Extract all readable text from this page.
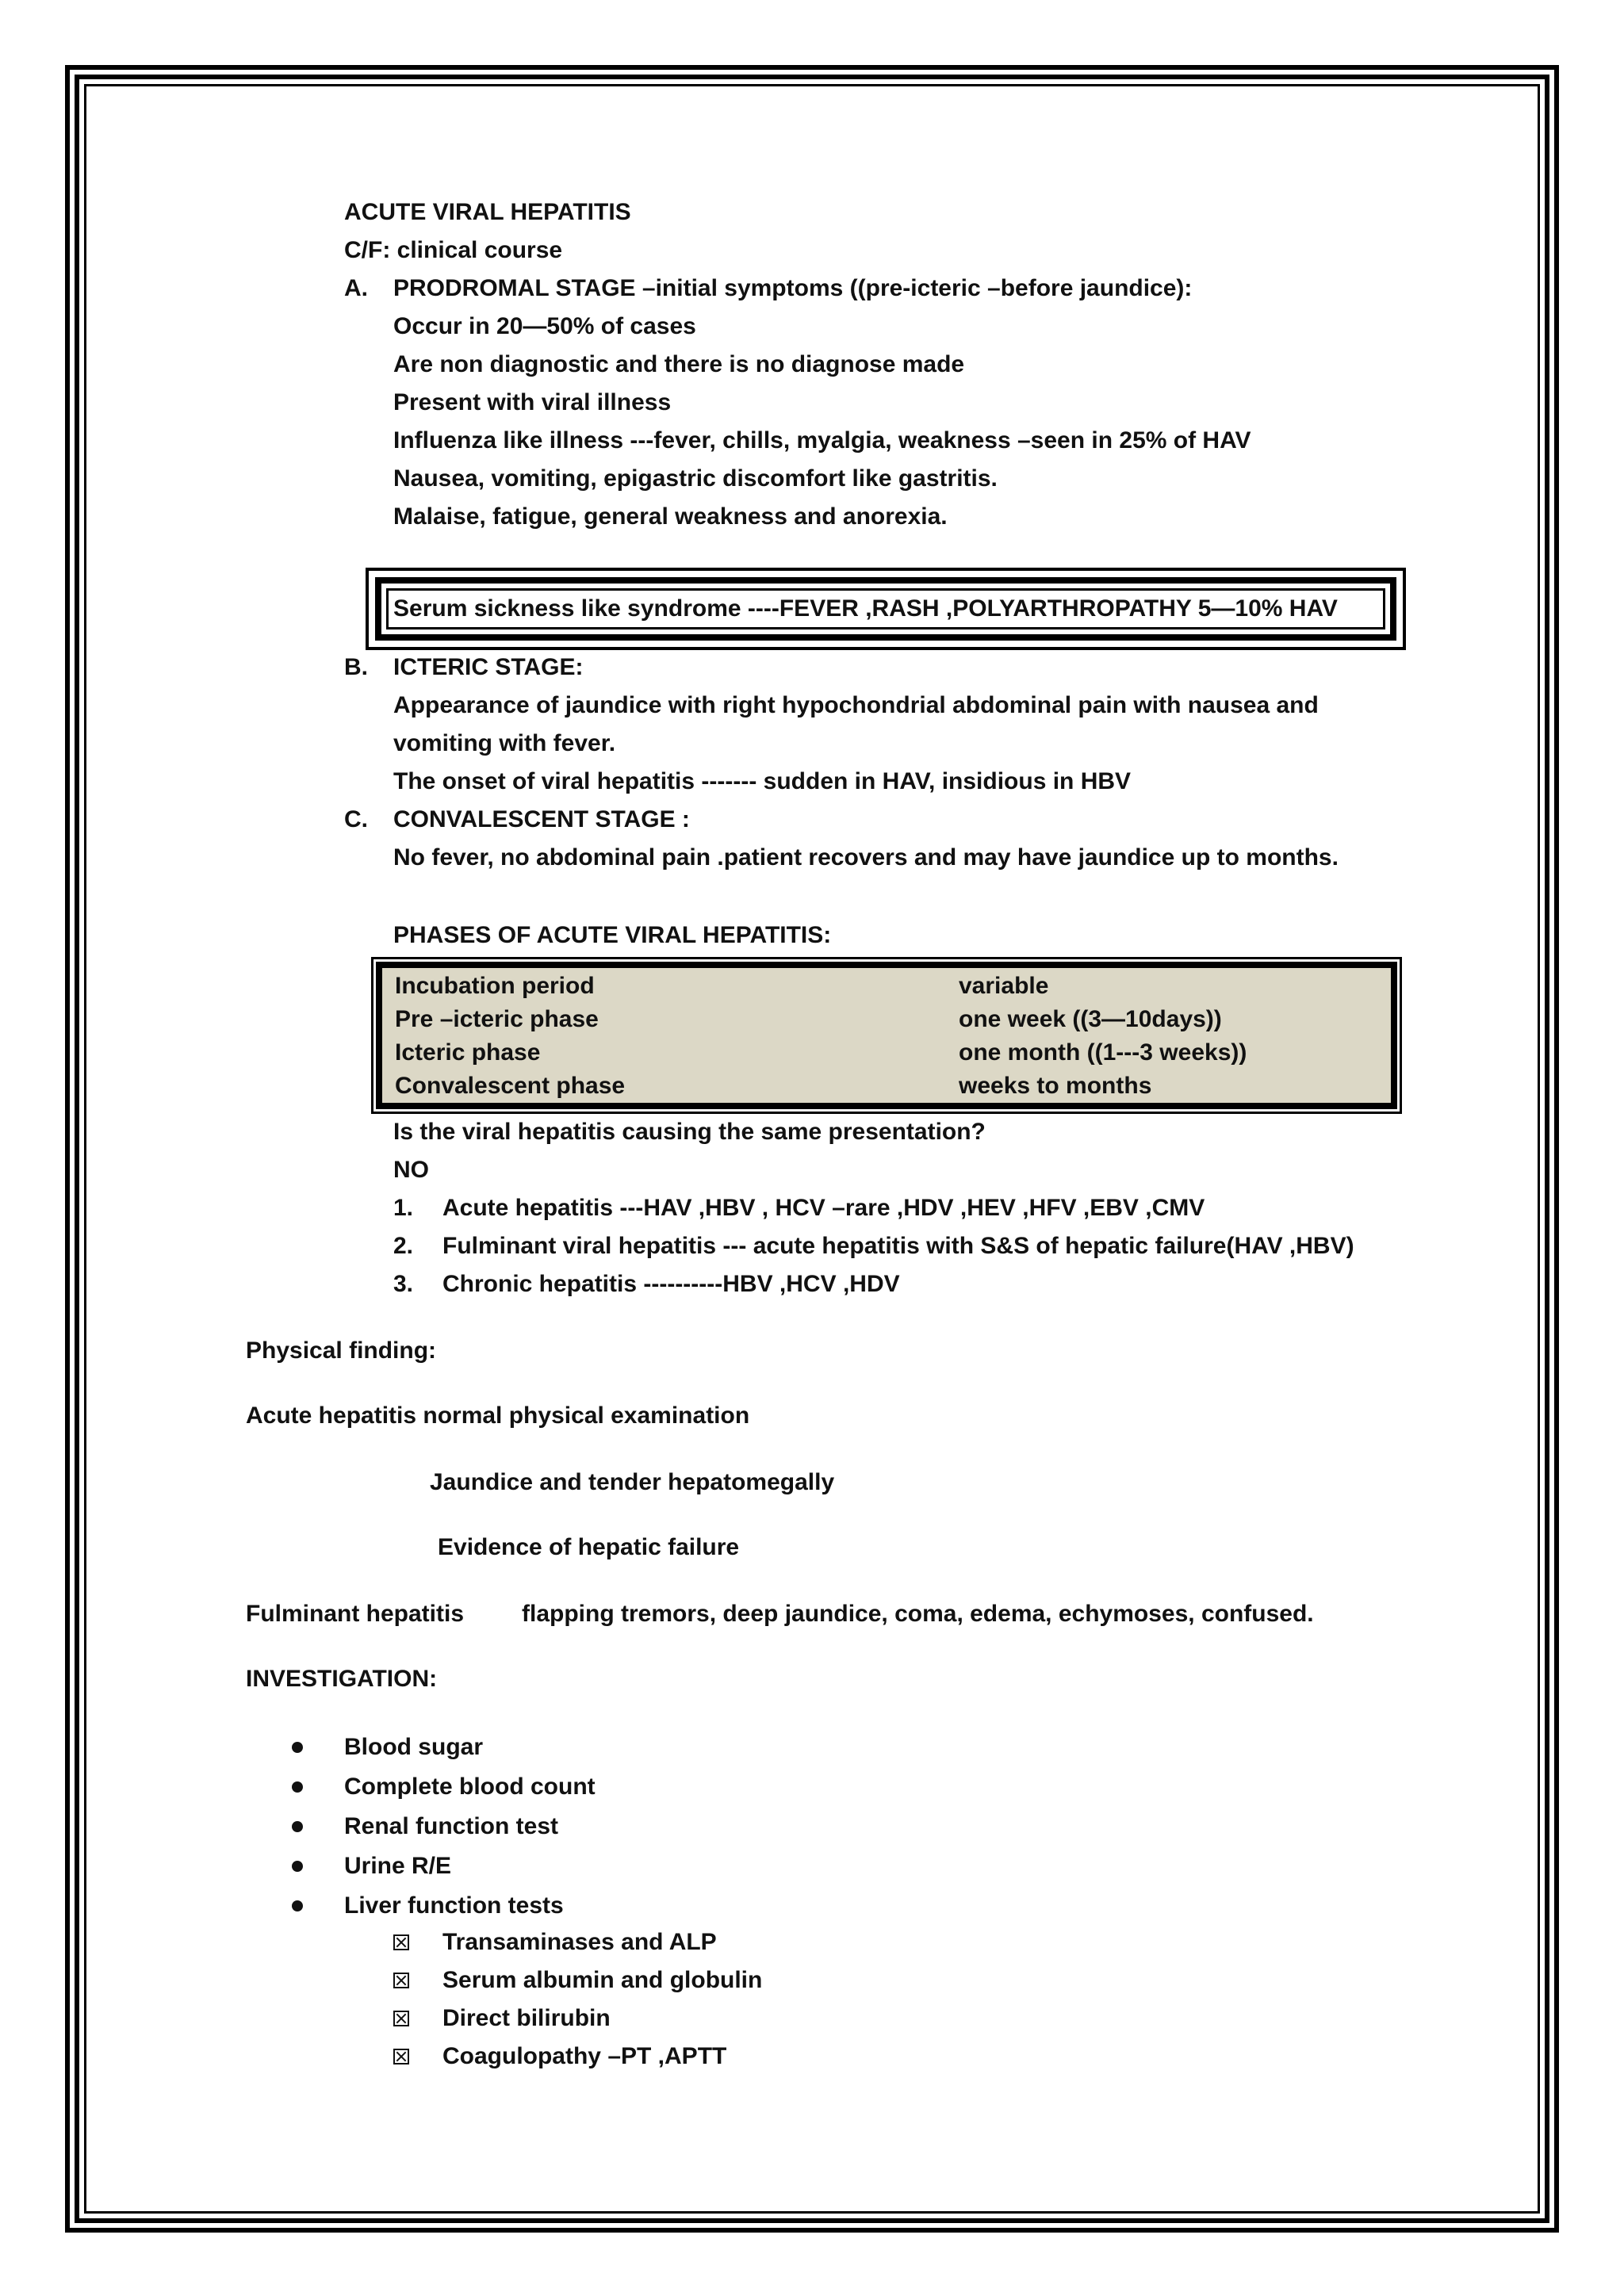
ACUTE VIRAL HEPATITIS
C/F: clinical course
A. PRODROMAL STAGE –initial symptoms ((pre-icteric –before jaundice):
Occur in 20—50% of cases
Are non diagnostic and there is no diagnose made
Present with viral illness
Influenza like illness ---fever, chills, myalgia, weakness –seen in 25% of HAV
Nausea, vomiting, epigastric discomfort like gastritis.
Malaise, fatigue, general weakness and anorexia.
Serum sickness like syndrome ----FEVER ,RASH ,POLYARTHROPATHY 5—10% HAV
B. ICTERIC STAGE:
Appearance of jaundice with right hypochondrial abdominal pain with nausea and
vomiting with fever.
The onset of viral hepatitis ------- sudden in HAV, insidious in HBV
C. CONVALESCENT STAGE :
No fever, no abdominal pain .patient recovers and may have jaundice up to months.
PHASES OF ACUTE VIRAL HEPATITIS:
Incubation period	variable
Pre –icteric phase	one week ((3—10days))
Icteric phase	one month ((1---3 weeks))
Convalescent phase	weeks to months
Is the viral hepatitis causing the same presentation?
NO
1. Acute hepatitis ---HAV ,HBV , HCV –rare ,HDV ,HEV ,HFV ,EBV ,CMV
2. Fulminant viral hepatitis --- acute hepatitis with S&S of hepatic failure(HAV ,HBV)
3. Chronic hepatitis ----------HBV ,HCV ,HDV
Physical finding:
Acute hepatitis normal physical examination
Jaundice and tender hepatomegally
Evidence of hepatic failure
Fulminant hepatitis flapping tremors, deep jaundice, coma, edema, echymoses, confused.
INVESTIGATION:
Blood sugar
Complete blood count
Renal function test
Urine R/E
Liver function tests
Transaminases and ALP
Serum albumin and globulin
Direct bilirubin
Coagulopathy –PT ,APTT
